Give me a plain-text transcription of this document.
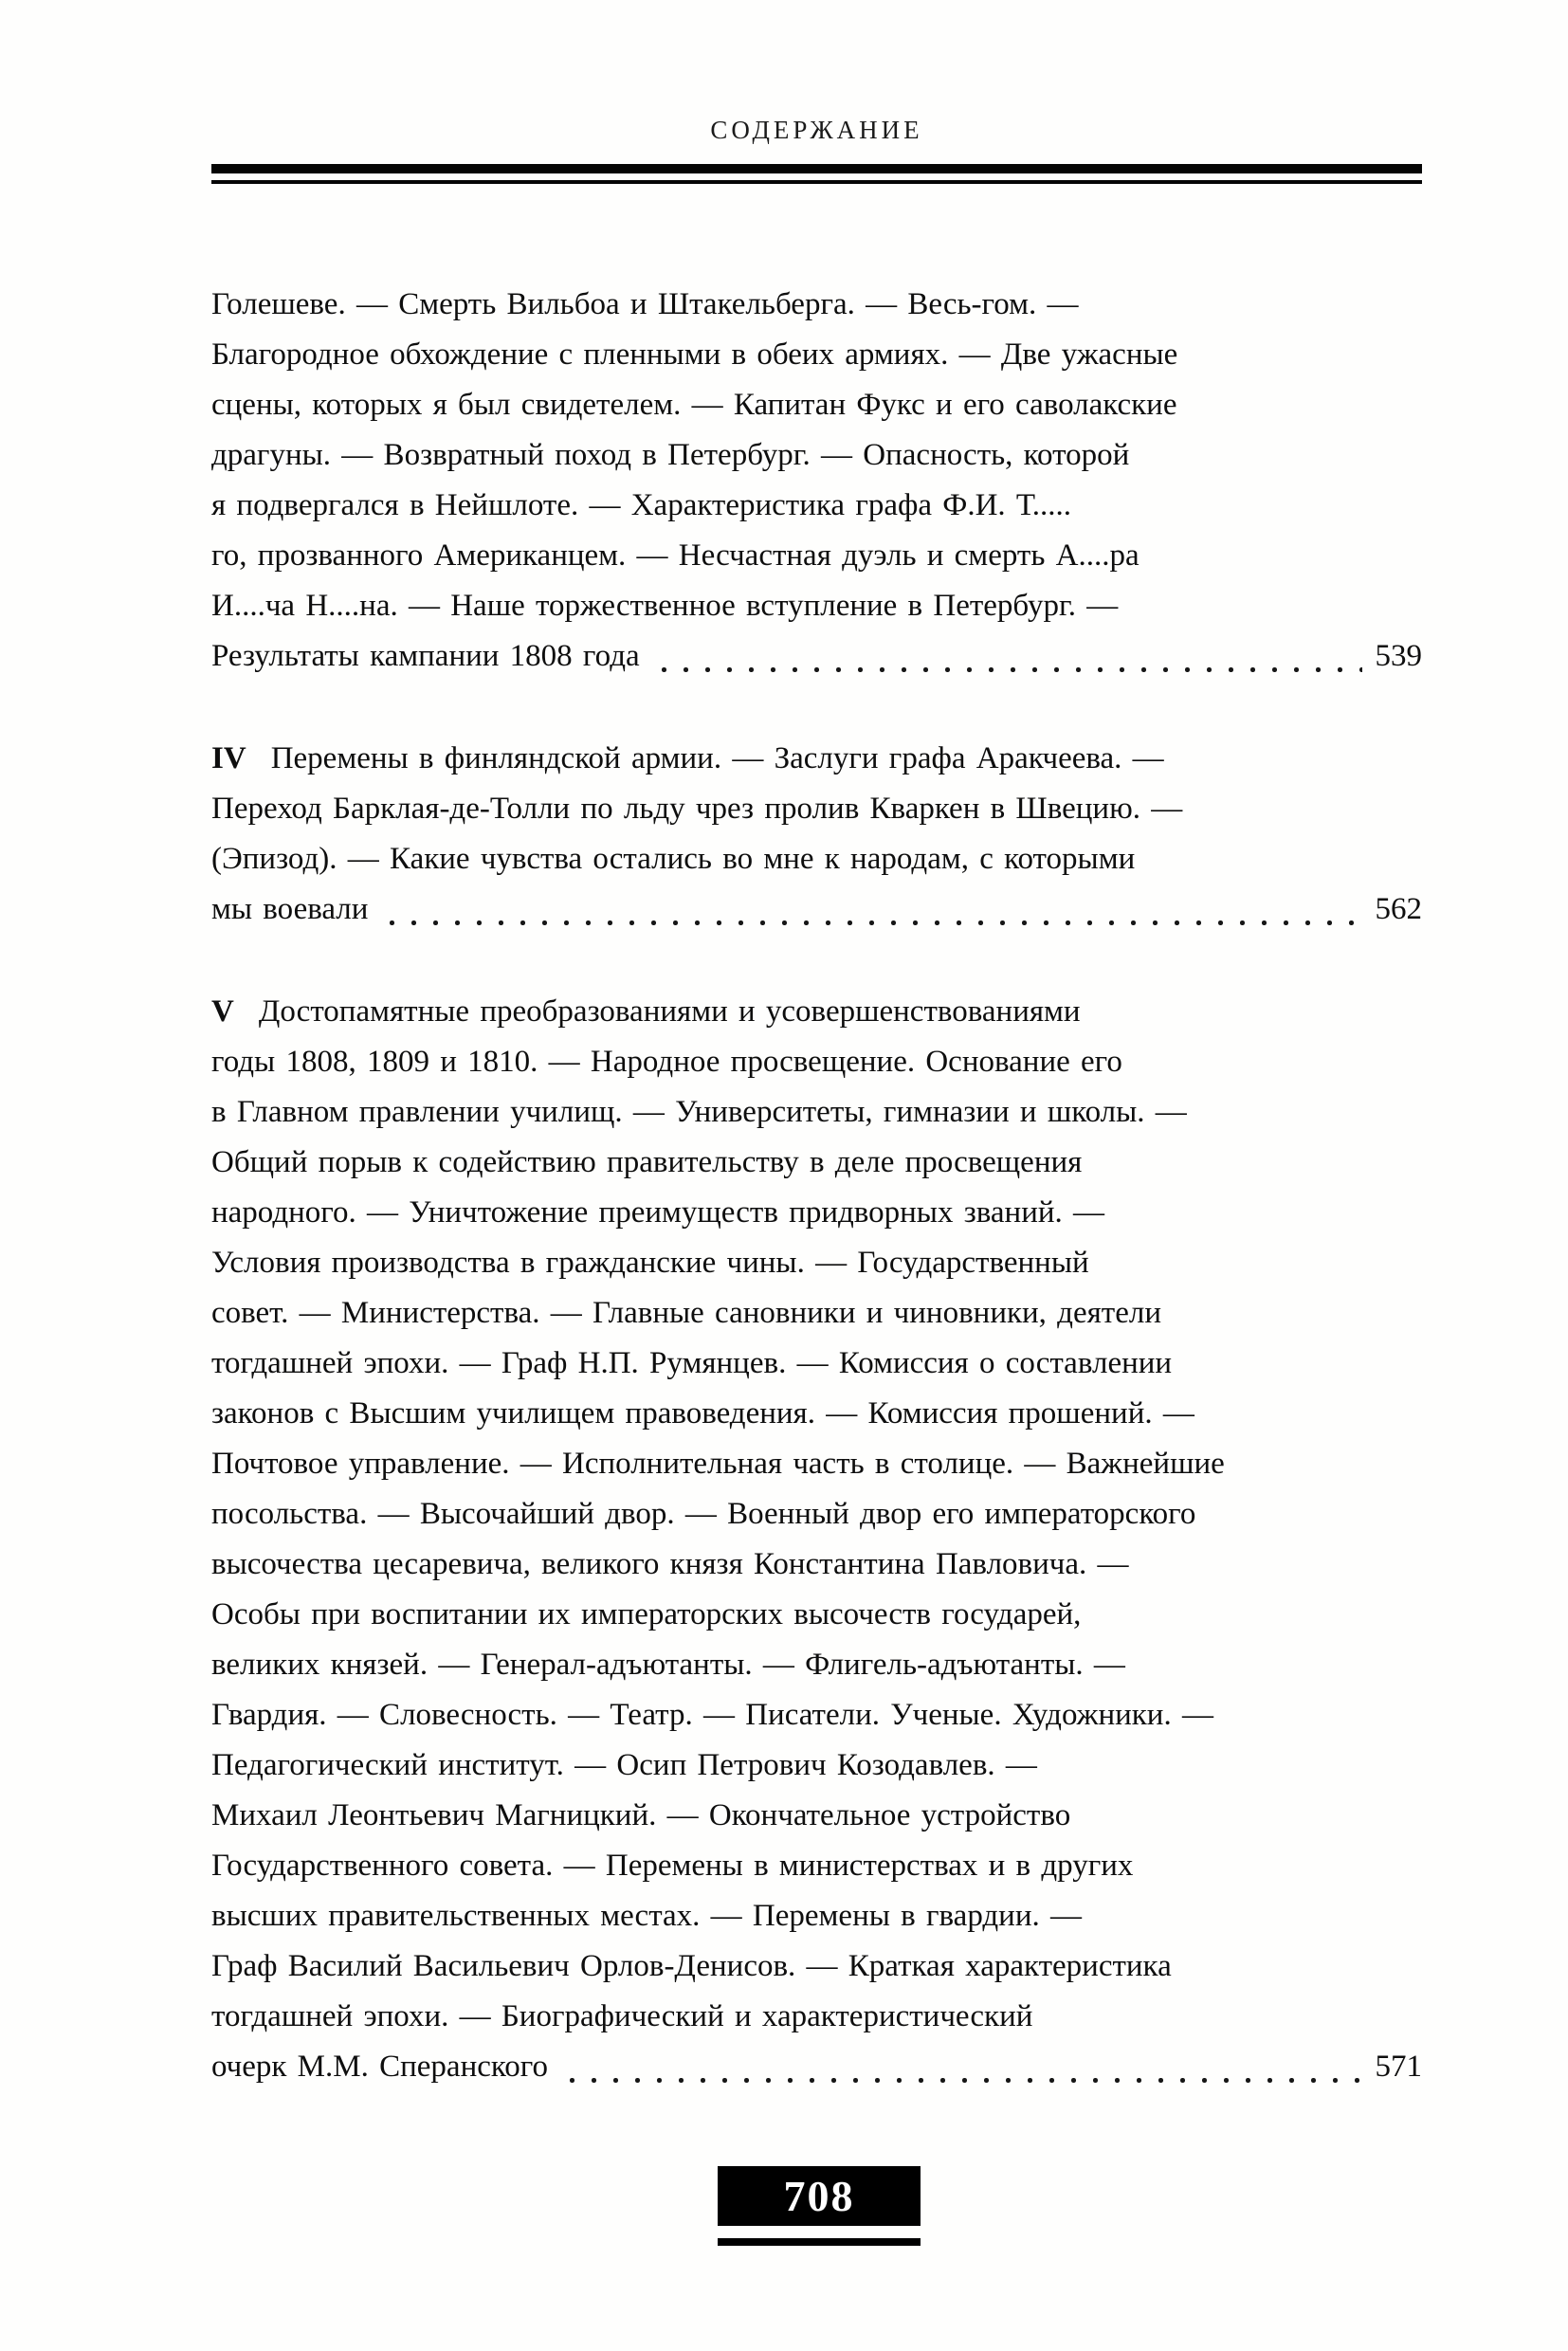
СОДЕРЖАНИЕ
Голешеве. — Смерть Вильбоа и Штакельберга. — Весь-гом. —
Благородное обхождение с пленными в обеих армиях. — Две ужасные
сцены, которых я был свидетелем. — Капитан Фукс и его саволакские
драгуны. — Возвратный поход в Петербург. — Опасность, которой
я подвергался в Нейшлоте. — Характеристика графа Ф.И. Т.....
го, прозванного Американцем. — Несчастная дуэль и смерть А....ра
И....ча Н....на. — Наше торжественное вступление в Петербург. —
Результаты кампании 1808 года	539
IV Перемены в финляндской армии. — Заслуги графа Аракчеева. —
Переход Барклая-де-Толли по льду чрез пролив Кваркен в Швецию. —
(Эпизод). — Какие чувства остались во мне к народам, с которыми
мы воевали	562
V Достопамятные преобразованиями и усовершенствованиями
годы 1808, 1809 и 1810. — Народное просвещение. Основание его
в Главном правлении училищ. — Университеты, гимназии и школы. —
Общий порыв к содействию правительству в деле просвещения
народного. — Уничтожение преимуществ придворных званий. —
Условия производства в гражданские чины. — Государственный
совет. — Министерства. — Главные сановники и чиновники, деятели
тогдашней эпохи. — Граф Н.П. Румянцев. — Комиссия о составлении
законов с Высшим училищем правоведения. — Комиссия прошений. —
Почтовое управление. — Исполнительная часть в столице. — Важнейшие
посольства. — Высочайший двор. — Военный двор его императорского
высочества цесаревича, великого князя Константина Павловича. —
Особы при воспитании их императорских высочеств государей,
великих князей. — Генерал-адъютанты. — Флигель-адъютанты. —
Гвардия. — Словесность. — Театр. — Писатели. Ученые. Художники. —
Педагогический институт. — Осип Петрович Козодавлев. —
Михаил Леонтьевич Магницкий. — Окончательное устройство
Государственного совета. — Перемены в министерствах и в других
высших правительственных местах. — Перемены в гвардии. —
Граф Василий Васильевич Орлов-Денисов. — Краткая характеристика
тогдашней эпохи. — Биографический и характеристический
очерк М.М. Сперанского	571
708
